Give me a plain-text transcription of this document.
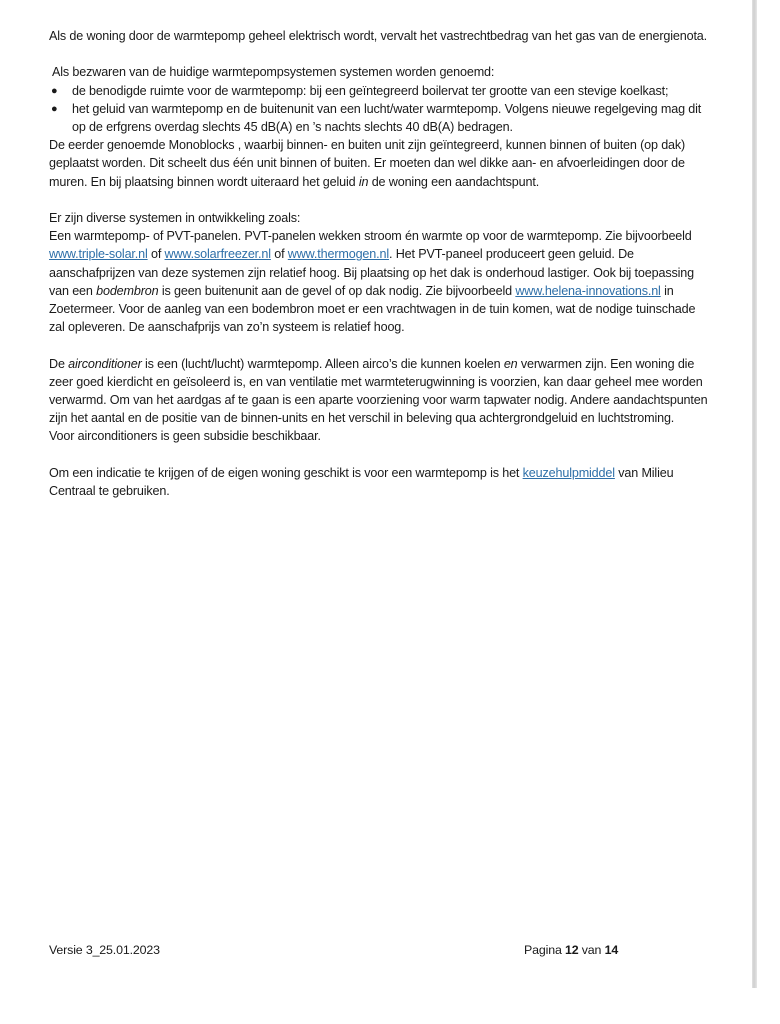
Als de woning door de warmtepomp geheel elektrisch wordt, vervalt het vastrechtbedrag van het gas van de energienota.

Als bezwaren van de huidige warmtepompsystemen systemen worden genoemd:

● de benodigde ruimte voor de warmtepomp: bij een geïntegreerd boilervat ter grootte van een stevige koelkast;
● het geluid van warmtepomp en de buitenunit van een lucht/water warmtepomp. Volgens nieuwe regelgeving mag dit op de erfgrens overdag slechts 45 dB(A) en ’s nachts slechts 40 dB(A) bedragen.

De eerder genoemde Monoblocks , waarbij binnen- en buiten unit zijn geïntegreerd, kunnen binnen of buiten (op dak) geplaatst worden. Dit scheelt dus één unit binnen of buiten. Er moeten dan wel dikke aan- en afvoerleidingen door de muren. En bij plaatsing binnen wordt uiteraard het geluid in de woning een aandachtspunt.

Er zijn diverse systemen in ontwikkeling zoals:

Een warmtepomp- of PVT-panelen. PVT-panelen wekken stroom én warmte op voor de warmtepomp. Zie bijvoorbeeld www.triple-solar.nl of www.solarfreezer.nl of www.thermogen.nl. Het PVT-paneel produceert geen geluid. De aanschafprijzen van deze systemen zijn relatief hoog. Bij plaatsing op het dak is onderhoud lastiger. Ook bij toepassing van een bodembron is geen buitenunit aan de gevel of op dak nodig. Zie bijvoorbeeld www.helena-innovations.nl in Zoetermeer. Voor de aanleg van een bodembron moet er een vrachtwagen in de tuin komen, wat de nodige tuinschade zal opleveren. De aanschafprijs van zo’n systeem is relatief hoog.

De airconditioner is een (lucht/lucht) warmtepomp. Alleen airco’s die kunnen koelen en verwarmen zijn. Een woning die zeer goed kierdicht en geïsoleerd is, en van ventilatie met warmteterugwinning is voorzien, kan daar geheel mee worden verwarmd. Om van het aardgas af te gaan is een aparte voorziening voor warm tapwater nodig. Andere aandachtspunten zijn het aantal en de positie van de binnen-units en het verschil in beleving qua achtergrondgeluid en luchtstroming.

Voor airconditioners is geen subsidie beschikbaar.

Om een indicatie te krijgen of de eigen woning geschikt is voor een warmtepomp is het keuzehulpmiddel van Milieu Centraal te gebruiken.

Versie 3_25.01.2023	Pagina 12 van 14
